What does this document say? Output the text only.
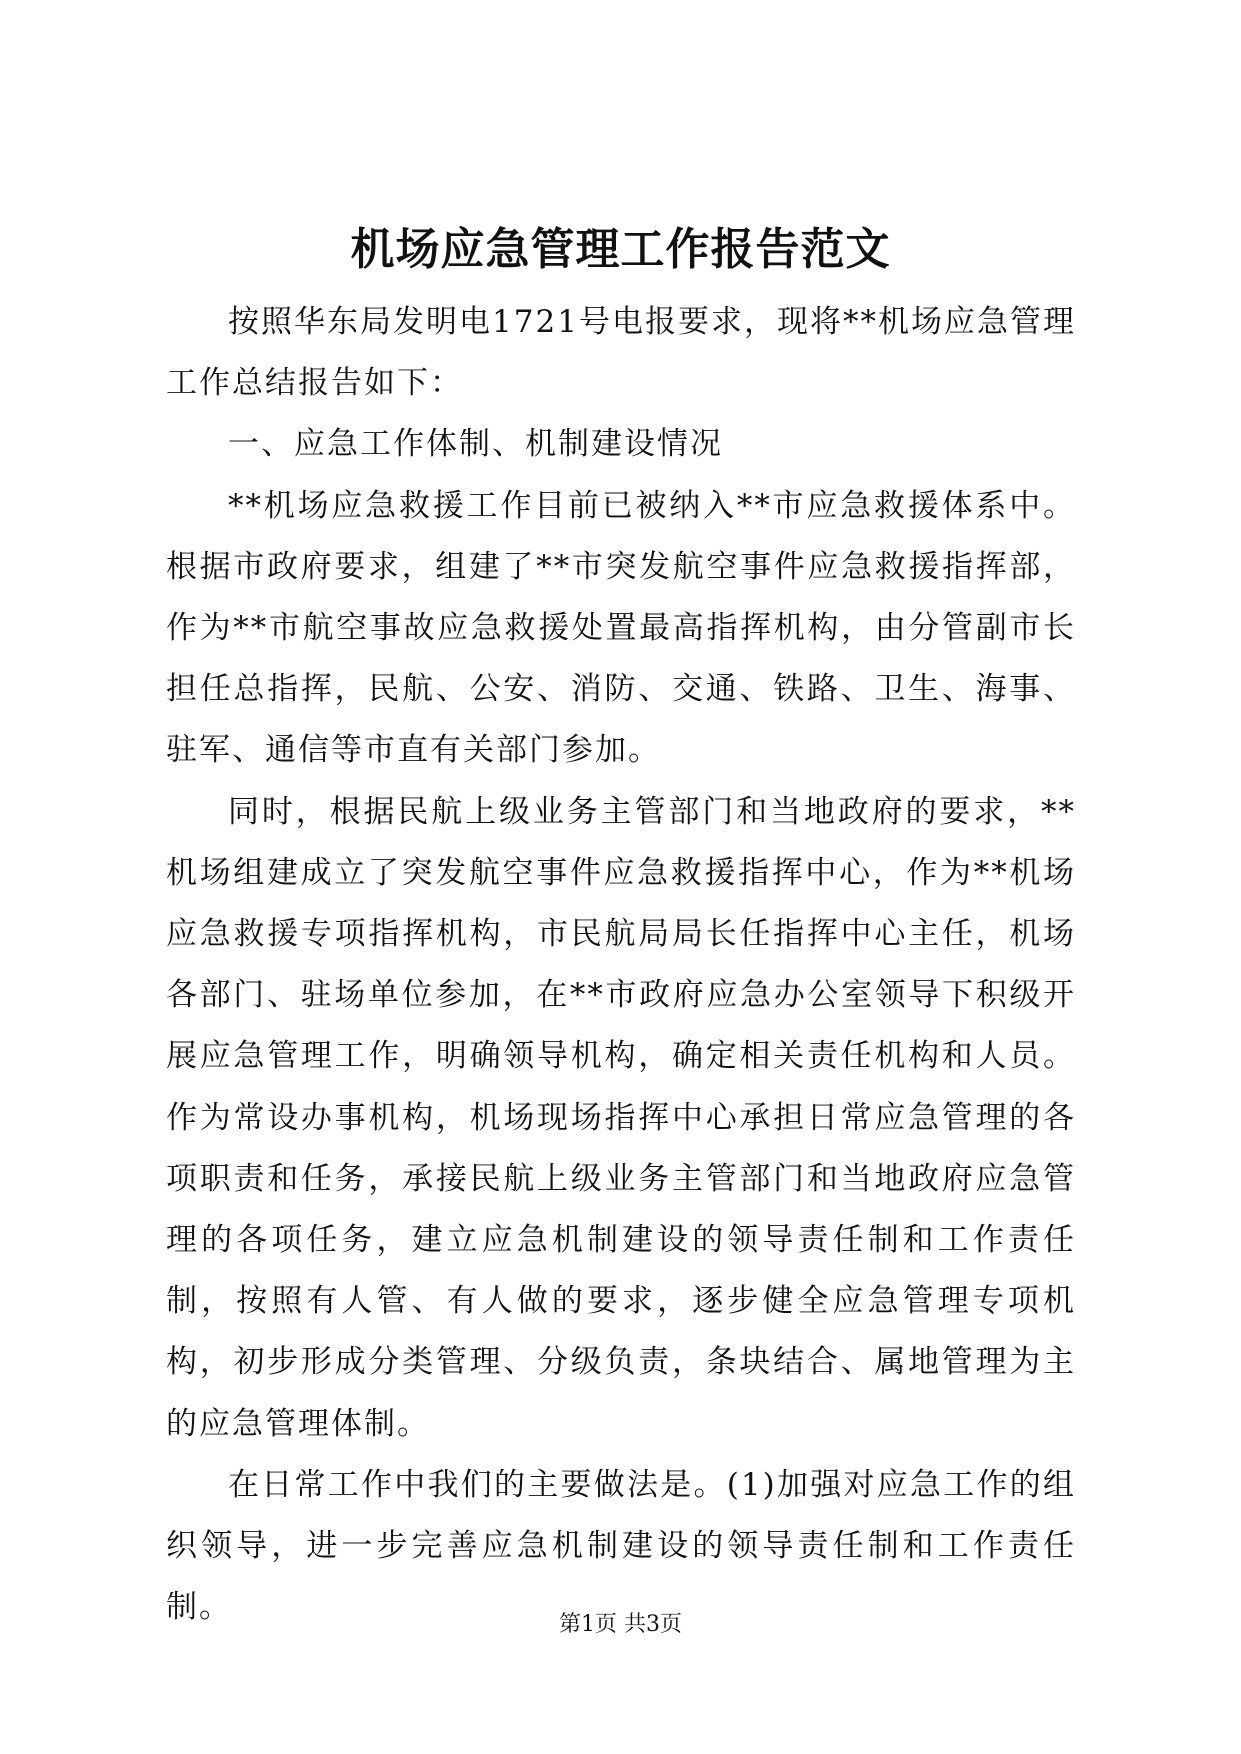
机场应急管理工作报告范文

按照华东局发明电1721号电报要求，现将**机场应急管理工作总结报告如下：

一、应急工作体制、机制建设情况

**机场应急救援工作目前已被纳入**市应急救援体系中。根据市政府要求，组建了**市突发航空事件应急救援指挥部，作为**市航空事故应急救援处置最高指挥机构，由分管副市长担任总指挥，民航、公安、消防、交通、铁路、卫生、海事、驻军、通信等市直有关部门参加。

同时，根据民航上级业务主管部门和当地政府的要求，**机场组建成立了突发航空事件应急救援指挥中心，作为**机场应急救援专项指挥机构，市民航局局长任指挥中心主任，机场各部门、驻场单位参加，在**市政府应急办公室领导下积级开展应急管理工作，明确领导机构，确定相关责任机构和人员。作为常设办事机构，机场现场指挥中心承担日常应急管理的各项职责和任务，承接民航上级业务主管部门和当地政府应急管理的各项任务，建立应急机制建设的领导责任制和工作责任制，按照有人管、有人做的要求，逐步健全应急管理专项机构，初步形成分类管理、分级负责，条块结合、属地管理为主的应急管理体制。

在日常工作中我们的主要做法是。(1)加强对应急工作的组织领导，进一步完善应急机制建设的领导责任制和工作责任制。	第1页 共3页
